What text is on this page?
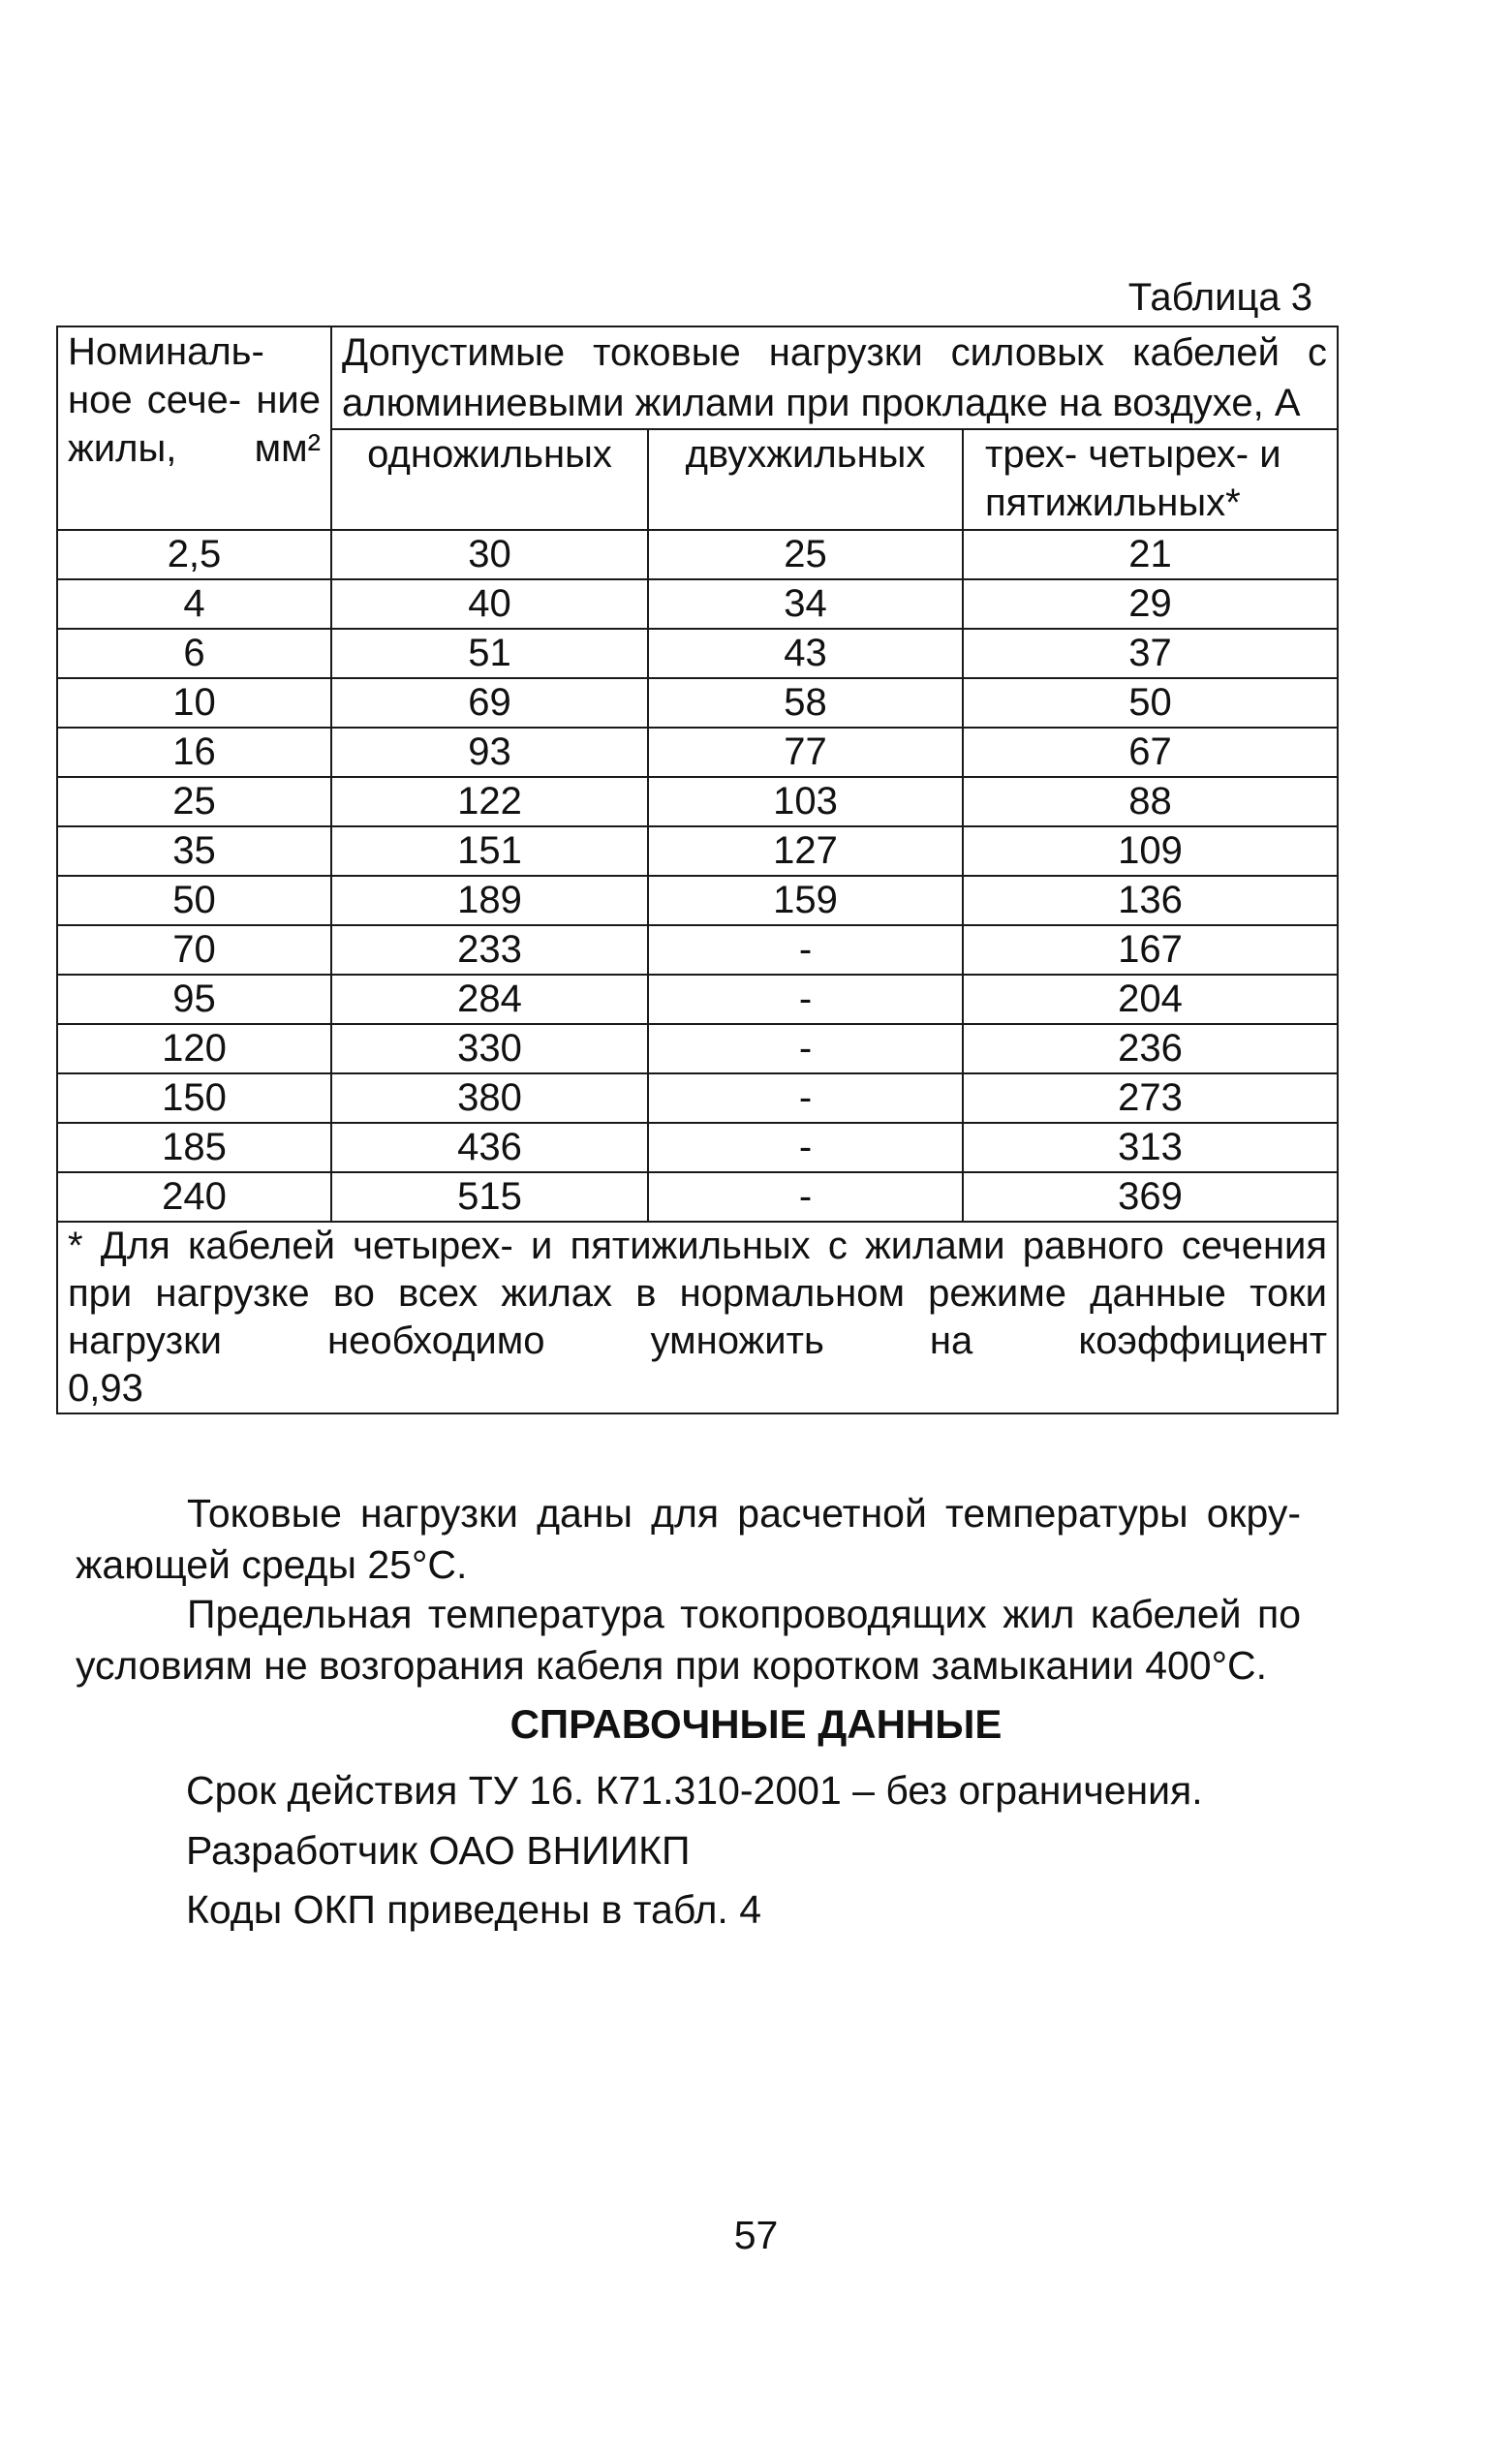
Таблица 3
Номиналь- ное сече- ние жилы, мм²	Допустимые токовые нагрузки силовых кабелей с алюминиевыми жилами при прокладке на воздухе, А		
	одножильных	двухжильных	трех- четырех- и пятижильных*
2,5	30	25	21
4	40	34	29
6	51	43	37
10	69	58	50
16	93	77	67
25	122	103	88
35	151	127	109
50	189	159	136
70	233	-	167
95	284	-	204
120	330	-	236
150	380	-	273
185	436	-	313
240	515	-	369
* Для кабелей четырех- и пятижильных с жилами равного сечения при нагрузке во всех жилах в нормальном режиме данные токи нагрузки необходимо умножить на коэффициент
0,93			
Токовые нагрузки даны для расчетной температуры окру- жающей среды 25°С.
Предельная температура токопроводящих жил кабелей по условиям не возгорания кабеля при коротком замыкании 400°С.
СПРАВОЧНЫЕ ДАННЫЕ
Срок действия ТУ 16. К71.310-2001 – без ограничения.
Разработчик ОАО ВНИИКП
Коды ОКП приведены в табл. 4
57
